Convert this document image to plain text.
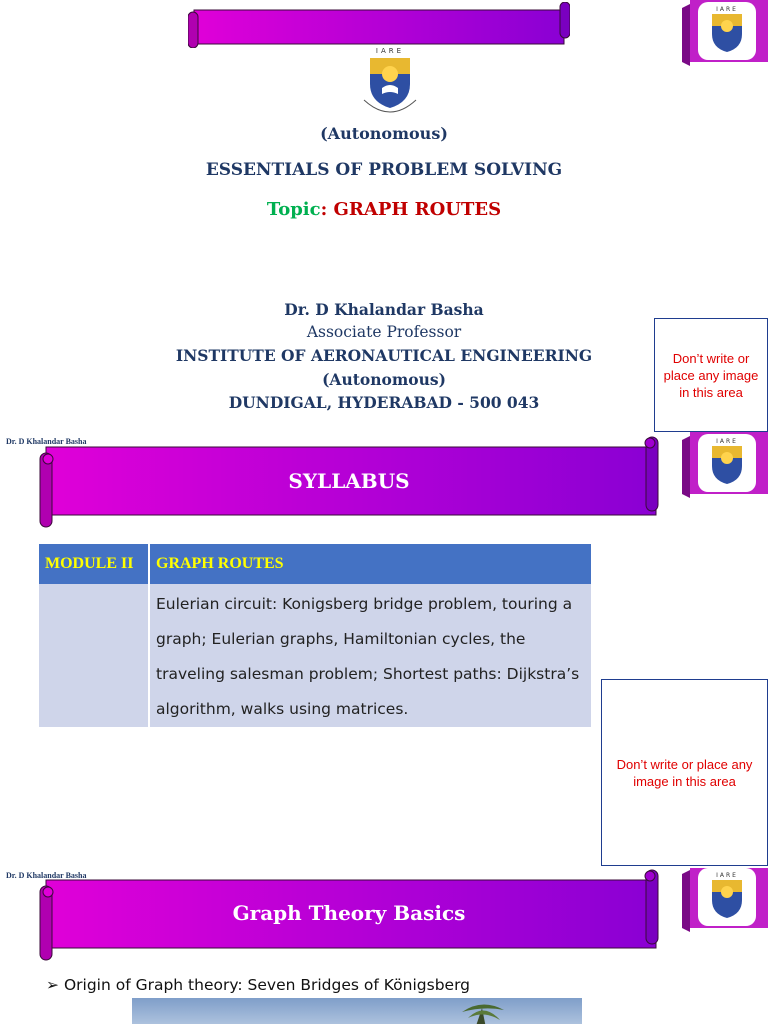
IARE
IARE
(Autonomous)
ESSENTIALS OF PROBLEM SOLVING
Topic: GRAPH ROUTES
Dr. D Khalandar Basha
Associate Professor
INSTITUTE OF AERONAUTICAL ENGINEERING
(Autonomous)
DUNDIGAL, HYDERABAD - 500 043
Don’t write or place any image in this area
Dr. D Khalandar Basha
SYLLABUS
IARE
MODULE II	GRAPH ROUTES

	Eulerian circuit: Konigsberg bridge problem, touring a graph; Eulerian graphs, Hamiltonian cycles, the traveling salesman problem; Shortest paths: Dijkstra’s algorithm, walks using matrices.
Don’t write or place any image in this area
Dr. D Khalandar Basha
Graph Theory Basics
IARE
➢ Origin of Graph theory: Seven Bridges of Königsberg
